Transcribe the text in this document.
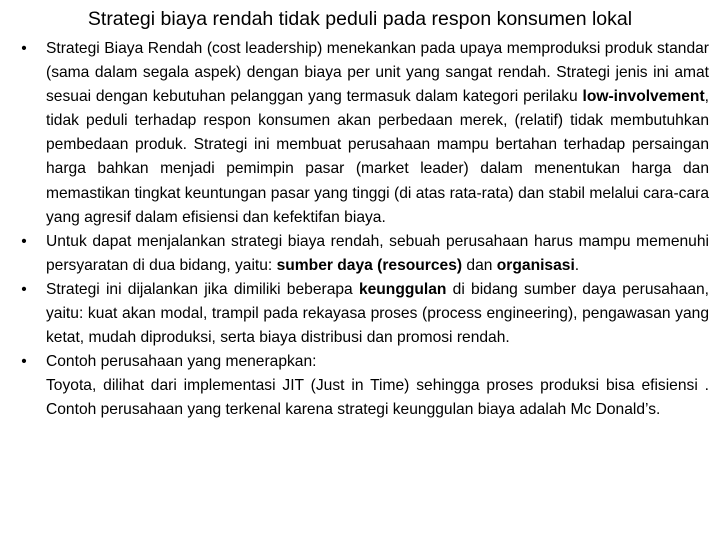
Strategi biaya rendah tidak peduli pada respon konsumen lokal

• Strategi Biaya Rendah (cost leadership) menekankan pada upaya memproduksi produk standar (sama dalam segala aspek) dengan biaya per unit yang sangat rendah. Strategi jenis ini amat sesuai dengan kebutuhan pelanggan yang termasuk dalam kategori perilaku low-involvement, tidak peduli terhadap respon konsumen akan perbedaan merek, (relatif) tidak membutuhkan pembedaan produk. Strategi ini membuat perusahaan mampu bertahan terhadap persaingan harga bahkan menjadi pemimpin pasar (market leader) dalam menentukan harga dan memastikan tingkat keuntungan pasar yang tinggi (di atas rata-rata) dan stabil melalui cara-cara yang agresif dalam efisiensi dan kefektifan biaya.

• Untuk dapat menjalankan strategi biaya rendah, sebuah perusahaan harus mampu memenuhi persyaratan di dua bidang, yaitu: sumber daya (resources) dan organisasi.

• Strategi ini dijalankan jika dimiliki beberapa keunggulan di bidang sumber daya perusahaan, yaitu: kuat akan modal, trampil pada rekayasa proses (process engineering), pengawasan yang ketat, mudah diproduksi, serta biaya distribusi dan promosi rendah.

• Contoh perusahaan yang menerapkan:

Toyota, dilihat dari implementasi JIT (Just in Time) sehingga proses produksi bisa efisiensi . Contoh perusahaan yang terkenal karena strategi keunggulan biaya adalah Mc Donald’s.
